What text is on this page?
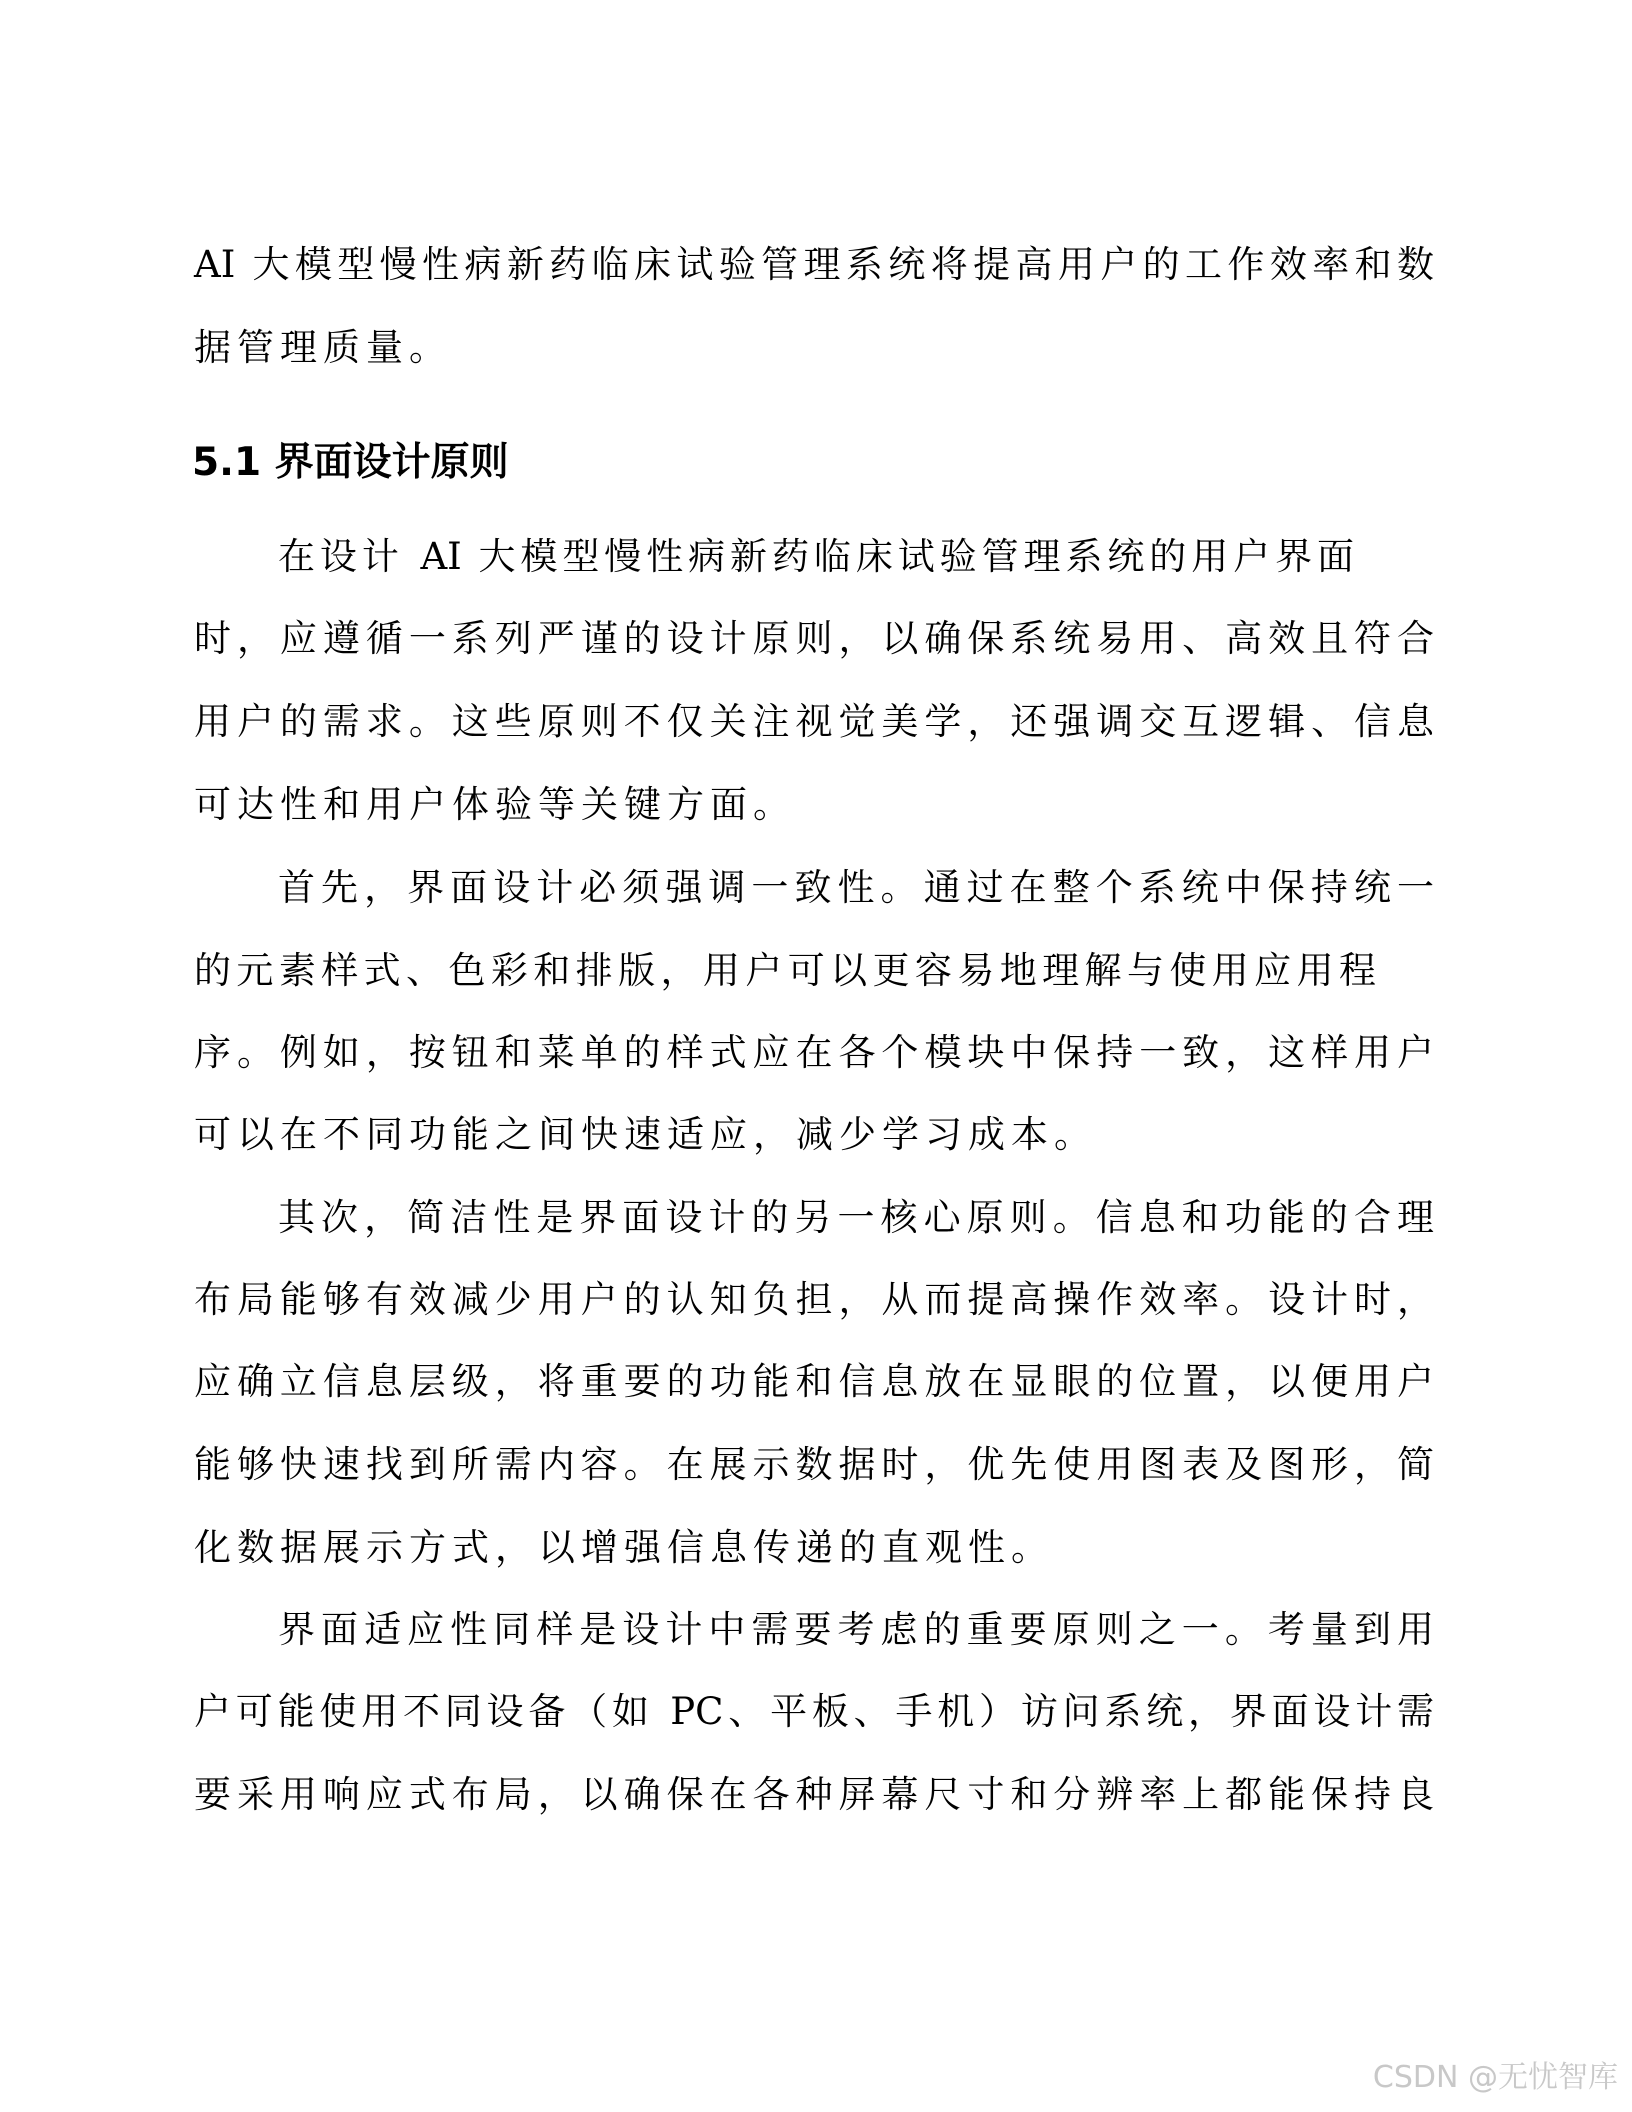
AI 大模型慢性病新药临床试验管理系统将提高用户的工作效率和数
据管理质量。
5.1 界面设计原则
在设计 AI 大模型慢性病新药临床试验管理系统的用户界面
时，应遵循一系列严谨的设计原则，以确保系统易用、高效且符合
用户的需求。这些原则不仅关注视觉美学，还强调交互逻辑、信息
可达性和用户体验等关键方面。
首先，界面设计必须强调一致性。通过在整个系统中保持统一
的元素样式、色彩和排版，用户可以更容易地理解与使用应用程
序。例如，按钮和菜单的样式应在各个模块中保持一致，这样用户
可以在不同功能之间快速适应，减少学习成本。
其次，简洁性是界面设计的另一核心原则。信息和功能的合理
布局能够有效减少用户的认知负担，从而提高操作效率。设计时，
应确立信息层级，将重要的功能和信息放在显眼的位置，以便用户
能够快速找到所需内容。在展示数据时，优先使用图表及图形，简
化数据展示方式，以增强信息传递的直观性。
界面适应性同样是设计中需要考虑的重要原则之一。考量到用
户可能使用不同设备（如 PC、平板、手机）访问系统，界面设计需
要采用响应式布局，以确保在各种屏幕尺寸和分辨率上都能保持良
CSDN @无忧智库
